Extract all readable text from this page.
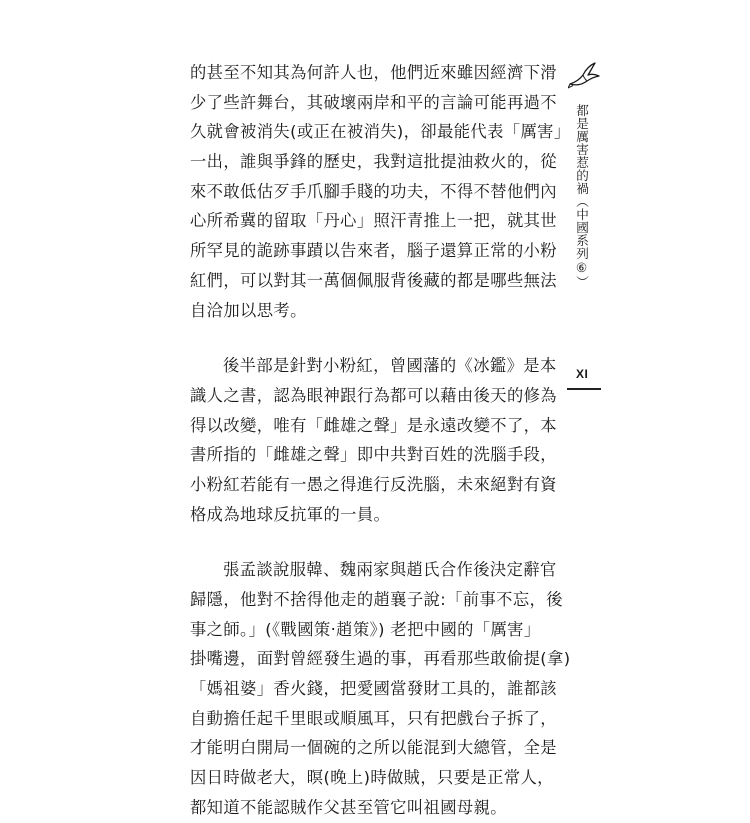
的甚至不知其為何許人也，他們近來雖因經濟下滑
少了些許舞台，其破壞兩岸和平的言論可能再過不
久就會被消失(或正在被消失)，卻最能代表「厲害」
一出，誰與爭鋒的歷史，我對這批提油救火的，從
來不敢低估歹手爪腳手賤的功夫，不得不替他們內
心所希冀的留取「丹心」照汗青推上一把，就其世
所罕見的詭跡事蹟以告來者，腦子還算正常的小粉
紅們，可以對其一萬個佩服背後藏的都是哪些無法
自洽加以思考。
後半部是針對小粉紅，曾國藩的《冰鑑》是本
識人之書，認為眼神跟行為都可以藉由後天的修為
得以改變，唯有「雌雄之聲」是永遠改變不了，本
書所指的「雌雄之聲」即中共對百姓的洗腦手段，
小粉紅若能有一愚之得進行反洗腦，未來絕對有資
格成為地球反抗軍的一員。
張孟談說服韓、魏兩家與趙氏合作後決定辭官
歸隱，他對不捨得他走的趙襄子說:「前事不忘，後
事之師。」(《戰國策‧趙策》) 老把中國的「厲害」
掛嘴邊，面對曾經發生過的事，再看那些敢偷提(拿)
「媽祖婆」香火錢，把愛國當發財工具的，誰都該
自動擔任起千里眼或順風耳，只有把戲台子拆了，
才能明白開局一個碗的之所以能混到大總管，全是
因日時做老大，暝(晚上)時做賊，只要是正常人，
都知道不能認賊作父甚至管它叫祖國母親。
都是厲害惹的禍（中國系列⑥）
XI
